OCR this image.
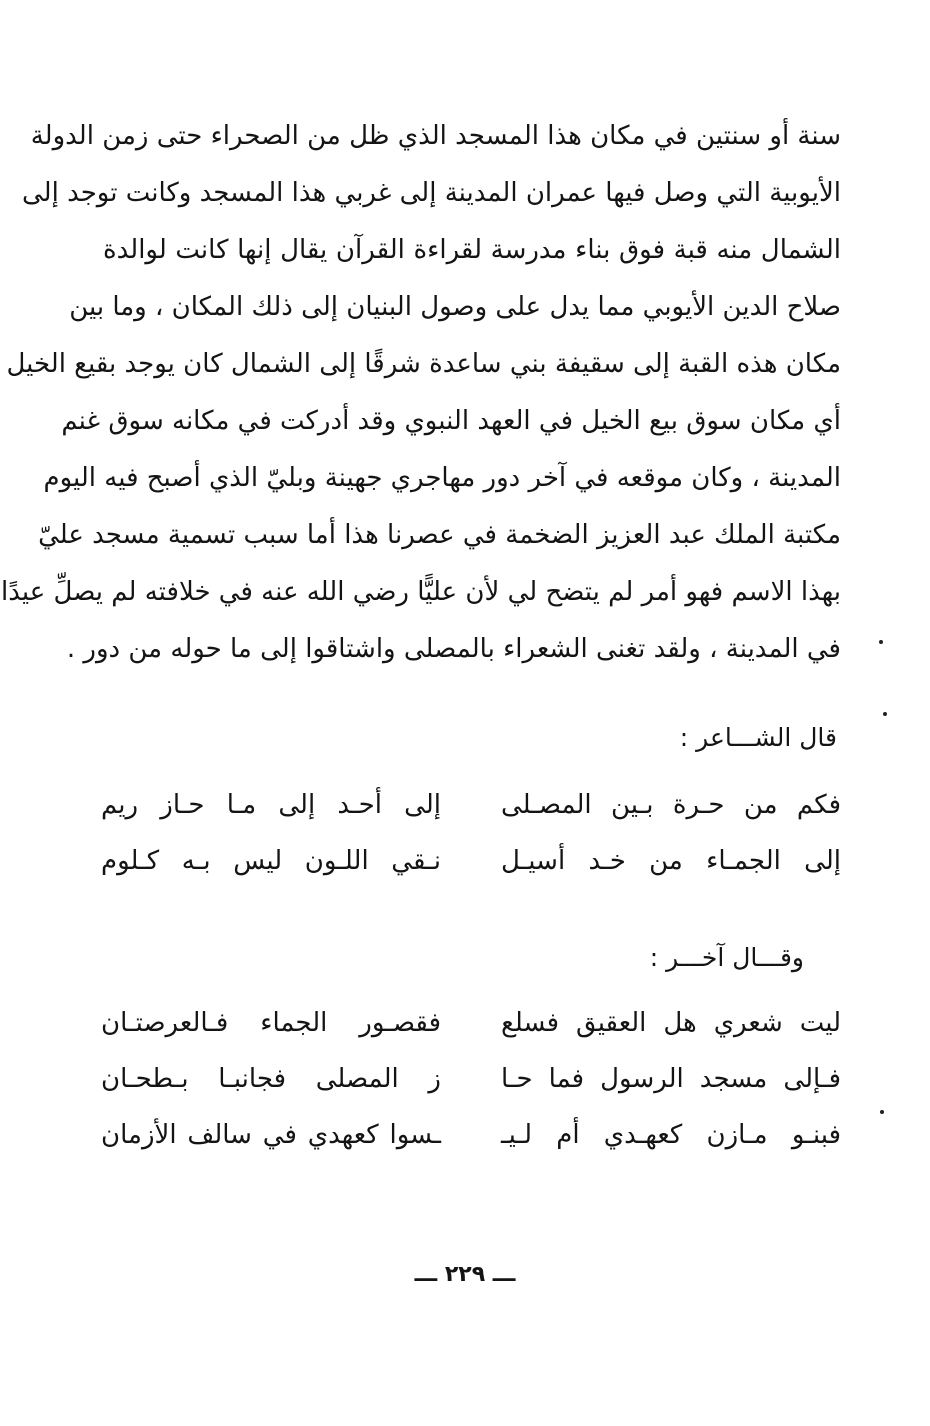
سنة أو سنتين في مكان هذا المسجد الذي ظل من الصحراء حتى زمن الدولة
الأيوبية التي وصل فيها عمران المدينة إلى غربي هذا المسجد وكانت توجد إلى
الشمال منه قبة فوق بناء مدرسة لقراءة القرآن يقال إنها كانت لوالدة
صلاح الدين الأيوبي مما يدل على وصول البنيان إلى ذلك المكان ، وما بين
مكان هذه القبة إلى سقيفة بني ساعدة شرقًا إلى الشمال كان يوجد بقيع الخيل
أي مكان سوق بيع الخيل في العهد النبوي وقد أدركت في مكانه سوق غنم
المدينة ، وكان موقعه في آخر دور مهاجري جهينة وبليّ الذي أصبح فيه اليوم
مكتبة الملك عبد العزيز الضخمة في عصرنا هذا أما سبب تسمية مسجد عليّ
بهذا الاسم فهو أمر لم يتضح لي لأن عليًّا رضي الله عنه في خلافته لم يصلِّ عيدًا
في المدينة ، ولقد تغنى الشعراء بالمصلى واشتاقوا إلى ما حوله من دور .
قال الشـــاعر :
فكم من حـرة بـين المصـلى
إلى أحـد إلى مـا حـاز ريم
إلى الجمـاء من خـد أسيـل
نـقي اللـون ليس بـه كـلوم
وقـــال آخـــر :
ليت شعري هل العقيق فسلع
فقصـور الجماء فـالعرصتـان
فـإلى مسجد الرسول فما حـا
ز المصلى فجانبـا بـطحـان
فبنـو مـازن كعهـدي أم لـيـ
ـسوا كعهدي في سالف الأزمان
ـــ ٢٢٩ ـــ
